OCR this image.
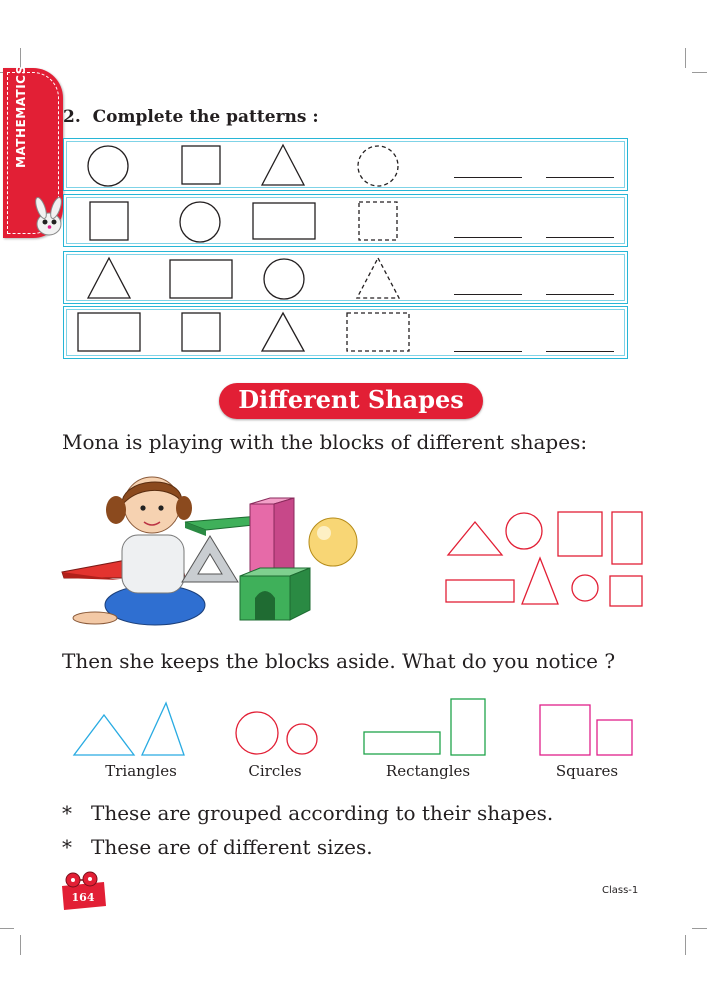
MATHEMATICS 2. Complete the patterns :
Different Shapes
Mona is playing with the blocks of different shapes:
Then she keeps the blocks aside. What do you notice ?
Triangles	Circles	Rectangles	Squares
* These are grouped according to their shapes.
* These are of different sizes.
164
Class-1
